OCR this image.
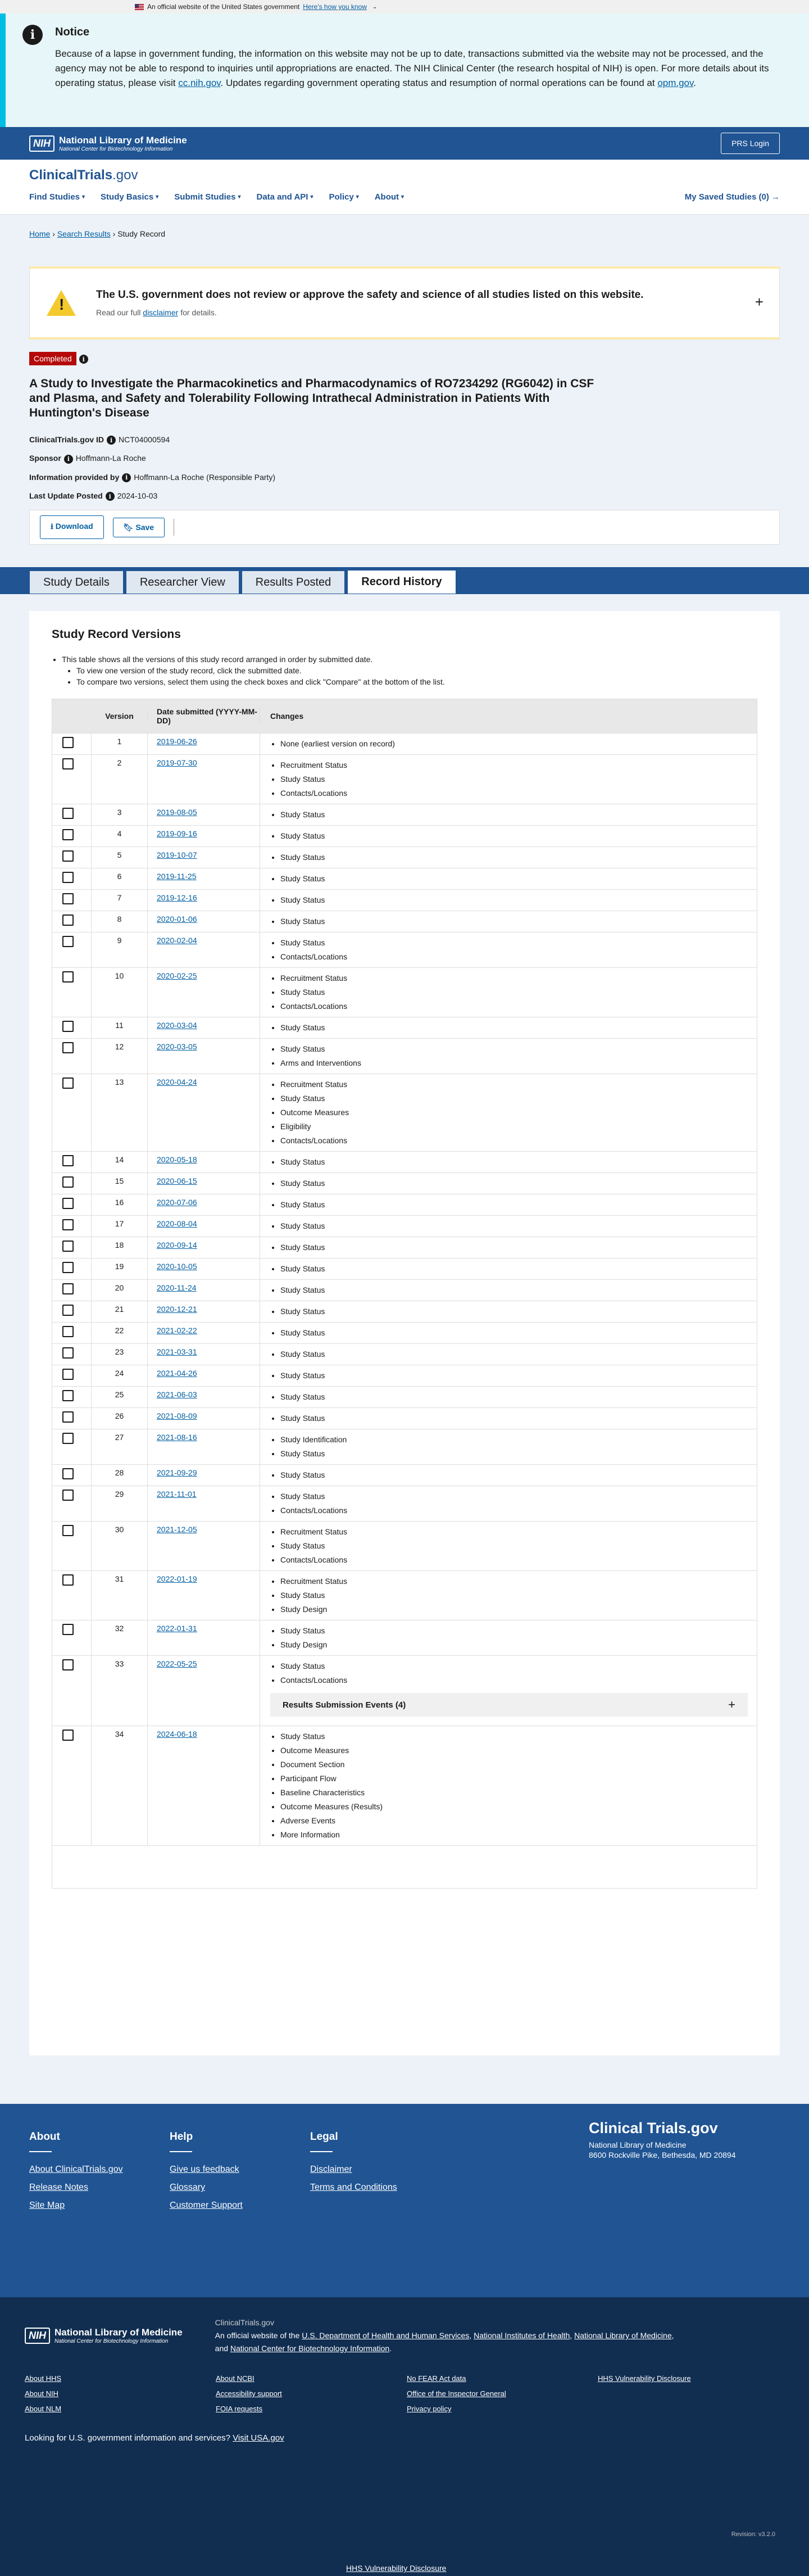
An official website of the United States government Here's how you know ⌄
i	Notice

Because of a lapse in government funding, the information on this website may not be up to date, transactions submitted via the website may not be processed, and the agency may not be able to respond to inquiries until appropriations are enacted. The NIH Clinical Center (the research hospital of NIH) is open. For more details about its operating status, please visit cc.nih.gov. Updates regarding government operating status and resumption of normal operations can be found at opm.gov.

NIH National Library of Medicine
National Center for Biotechnology Information
PRS Login
ClinicalTrials.gov
Find Studies ▾ Study Basics ▾ Submit Studies ▾ Data and API ▾ Policy ▾ About ▾	My Saved Studies (0) →
Home › Search Results › Study Record
!
The U.S. government does not review or approve the safety and science of all studies listed on this website.

Read our full disclaimer for details.

+
Completed i
A Study to Investigate the Pharmacokinetics and Pharmacodynamics of RO7234292 (RG6042) in CSF and Plasma, and Safety and Tolerability Following Intrathecal Administration in Patients With Huntington's Disease
ClinicalTrials.gov ID i NCT04000594
Sponsor i Hoffmann-La Roche
Information provided by i Hoffmann-La Roche (Responsible Party)
Last Update Posted i 2024-10-03
⭳ Download	🔖︎ Save
Study Details	Researcher View	Results Posted	Record History
Study Record Versions
• This table shows all the versions of this study record arranged in order by submitted date.
• To view one version of the study record, click the submitted date.
• To compare two versions, select them using the check boxes and click "Compare" at the bottom of the list.
Version	Date submitted (YYYY-MM-DD)	Changes
1	2019-06-26	• None (earliest version on record)
2	2019-07-30	• Recruitment Status
• Study Status
• Contacts/Locations
3	2019-08-05	• Study Status
4	2019-09-16	• Study Status
5	2019-10-07	• Study Status
6	2019-11-25	• Study Status
7	2019-12-16	• Study Status
8	2020-01-06	• Study Status
9	2020-02-04	• Study Status
• Contacts/Locations
10	2020-02-25	• Recruitment Status
• Study Status
• Contacts/Locations
11	2020-03-04	• Study Status
12	2020-03-05	• Study Status
• Arms and Interventions
13	2020-04-24	• Recruitment Status
• Study Status
• Outcome Measures
• Eligibility
• Contacts/Locations
14	2020-05-18	• Study Status
15	2020-06-15	• Study Status
16	2020-07-06	• Study Status
17	2020-08-04	• Study Status
18	2020-09-14	• Study Status
19	2020-10-05	• Study Status
20	2020-11-24	• Study Status
21	2020-12-21	• Study Status
22	2021-02-22	• Study Status
23	2021-03-31	• Study Status
24	2021-04-26	• Study Status
25	2021-06-03	• Study Status
26	2021-08-09	• Study Status
27	2021-08-16	• Study Identification
• Study Status
28	2021-09-29	• Study Status
29	2021-11-01	• Study Status
• Contacts/Locations
30	2021-12-05	• Recruitment Status
• Study Status
• Contacts/Locations
31	2022-01-19	• Recruitment Status
• Study Status
• Study Design
32	2022-01-31	• Study Status
• Study Design
33	2022-05-25	• Study Status
• Contacts/Locations
Results Submission Events (4)	+
34	2024-06-18	• Study Status
• Outcome Measures
• Document Section
• Participant Flow
• Baseline Characteristics
• Outcome Measures (Results)
• Adverse Events
• More Information
About
About ClinicalTrials.gov
Release Notes
Site Map
Help
Give us feedback
Glossary
Customer Support
Legal
Disclaimer
Terms and Conditions
Clinical Trials.gov
National Library of Medicine
8600 Rockville Pike, Bethesda, MD 20894
NIH National Library of Medicine
National Center for Biotechnology Information
ClinicalTrials.gov
An official website of the U.S. Department of Health and Human Services, National Institutes of Health, National Library of Medicine,
and National Center for Biotechnology Information.
About HHS	About NCBI	No FEAR Act data	HHS Vulnerability Disclosure
About NIH	Accessibility support	Office of the Inspector General
About NLM	FOIA requests	Privacy policy
Looking for U.S. government information and services? Visit USA.gov
Revision: v3.2.0
HHS Vulnerability Disclosure
